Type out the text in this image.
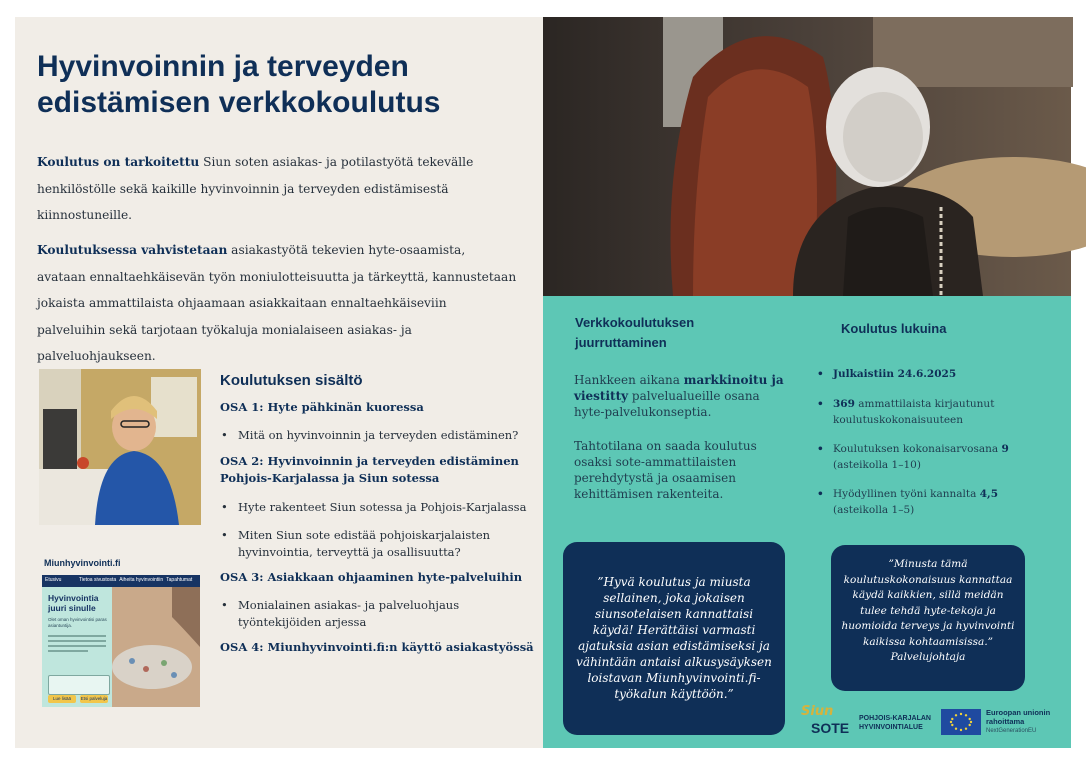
Hyvinvoinnin ja terveyden edistämisen verkkokoulutus

Koulutus on tarkoitettu Siun soten asiakas- ja potilastyötä tekevälle henkilöstölle sekä kaikille hyvinvoinnin ja terveyden edistämisestä kiinnostuneille.

Koulutuksessa vahvistetaan asiakastyötä tekevien hyte-osaamista, avataan ennaltaehkäisevän työn moniulotteisuutta ja tärkeyttä, kannustetaan jokaista ammattilaista ohjaamaan asiakkaitaan ennaltaehkäiseviin palveluihin sekä tarjotaan työkaluja monialaiseen asiakas- ja palveluohjaukseen.

Miunhyvinvointi.fi
Etusivu	Tietoa sivustosta Aiheita hyvinvointiin Tapahtumat
Hyvinvointia juuri sinulle
Olet oman hyvinvointisi paras asiantuntija.
Lue lisää	Etsi palveluja
Koulutuksen sisältö
OSA 1: Hyte pähkinän kuoressa
• Mitä on hyvinvoinnin ja terveyden edistäminen?
OSA 2: Hyvinvoinnin ja terveyden edistäminen Pohjois-Karjalassa ja Siun sotessa
• Hyte rakenteet Siun sotessa ja Pohjois-Karjalassa
• Miten Siun sote edistää pohjoiskarjalaisten hyvinvointia, terveyttä ja osallisuutta?
OSA 3: Asiakkaan ohjaaminen hyte-palveluihin
• Monialainen asiakas- ja palveluohjaus työntekijöiden arjessa
OSA 4: Miunhyvinvointi.fi:n käyttö asiakastyössä
Verkkokoulutuksen juurruttaminen
Hankkeen aikana markkinoitu ja viestitty palvelualueille osana hyte-palvelukonseptia.
Tahtotilana on saada koulutus osaksi sote-ammattilaisten perehdytystä ja osaamisen kehittämisen rakenteita.
Koulutus lukuina
• Julkaistiin 24.6.2025
• 369 ammattilaista kirjautunut koulutuskokonaisuuteen
• Koulutuksen kokonaisarvosana 9 (asteikolla 1–10)
• Hyödyllinen työni kannalta 4,5 (asteikolla 1–5)
”Hyvä koulutus ja miusta sellainen, joka jokaisen siunsotelaisen kannattaisi käydä! Herättäisi varmasti ajatuksia asian edistämiseksi ja vähintään antaisi alkusysäyksen loistavan Miunhyvinvointi.fi-työkalun käyttöön.”
”Minusta tämä koulutuskokonaisuus kannattaa käydä kaikkien, sillä meidän tulee tehdä hyte-tekoja ja huomioida terveys ja hyvinvointi kaikissa kohtaamisissa.”
Palvelujohtaja
Siun
SOTE
POHJOIS-KARJALAN
HYVINVOINTIALUE
Euroopan unionin
rahoittama
NextGenerationEU
